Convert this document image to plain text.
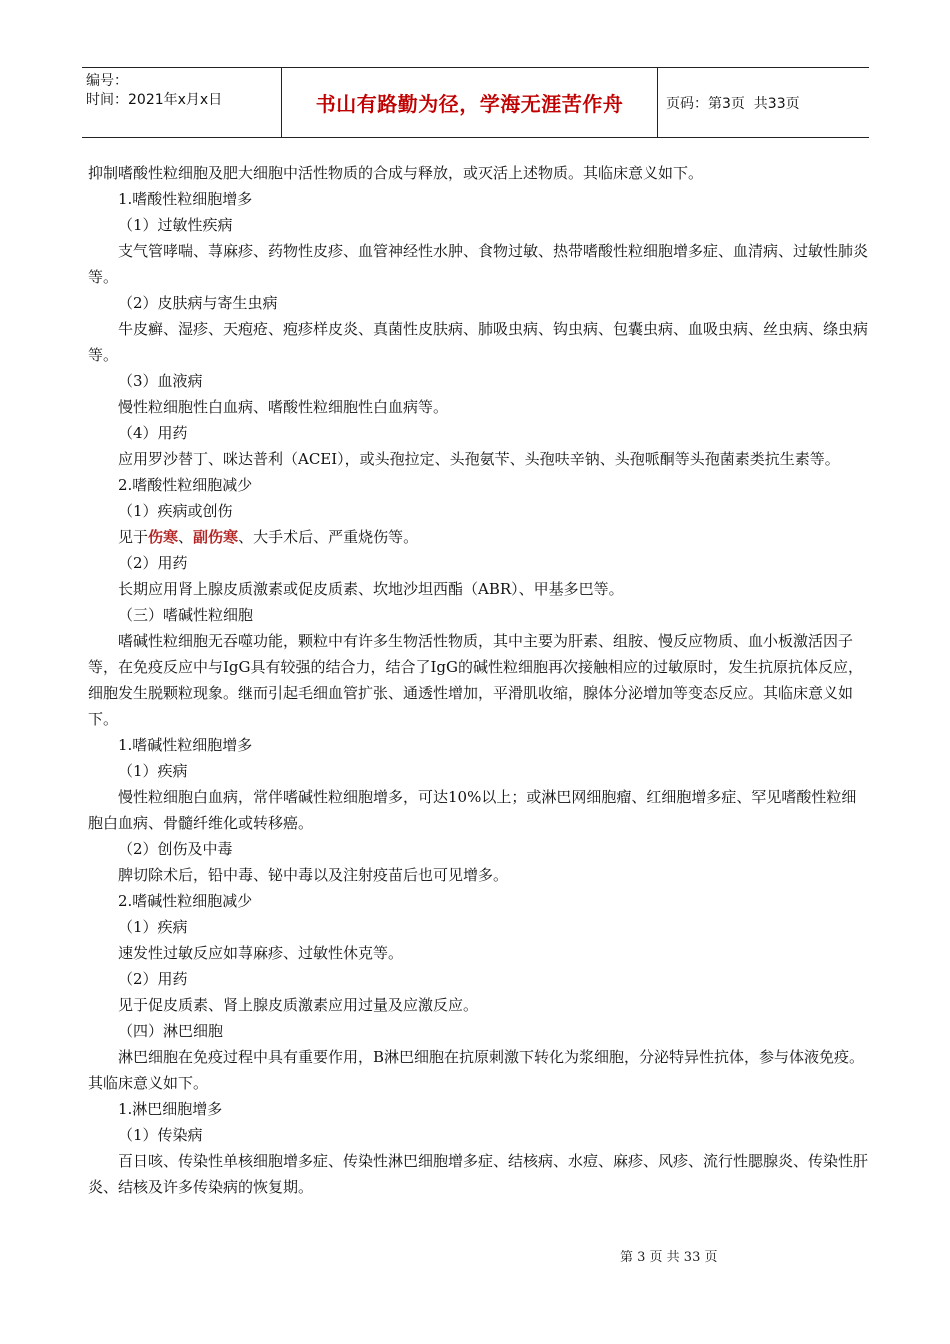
编号：
时间：2021年x月x日	书山有路勤为径，学海无涯苦作舟	页码：第3页  共33页

抑制嗜酸性粒细胞及肥大细胞中活性物质的合成与释放，或灭活上述物质。其临床意义如下。

1.嗜酸性粒细胞增多

（1）过敏性疾病

支气管哮喘、荨麻疹、药物性皮疹、血管神经性水肿、食物过敏、热带嗜酸性粒细胞增多症、血清病、过敏性肺炎等。

（2）皮肤病与寄生虫病

牛皮癣、湿疹、天疱疮、疱疹样皮炎、真菌性皮肤病、肺吸虫病、钩虫病、包囊虫病、血吸虫病、丝虫病、绦虫病等。

（3）血液病

慢性粒细胞性白血病、嗜酸性粒细胞性白血病等。

（4）用药

应用罗沙替丁、咪达普利（ACEI），或头孢拉定、头孢氨苄、头孢呋辛钠、头孢哌酮等头孢菌素类抗生素等。

2.嗜酸性粒细胞减少

（1）疾病或创伤

见于伤寒、副伤寒、大手术后、严重烧伤等。

（2）用药

长期应用肾上腺皮质激素或促皮质素、坎地沙坦西酯（ABR）、甲基多巴等。

（三）嗜碱性粒细胞

嗜碱性粒细胞无吞噬功能，颗粒中有许多生物活性物质，其中主要为肝素、组胺、慢反应物质、血小板激活因子等，在免疫反应中与IgG具有较强的结合力，结合了IgG的碱性粒细胞再次接触相应的过敏原时，发生抗原抗体反应，细胞发生脱颗粒现象。继而引起毛细血管扩张、通透性增加，平滑肌收缩，腺体分泌增加等变态反应。其临床意义如下。

1.嗜碱性粒细胞增多

（1）疾病

慢性粒细胞白血病，常伴嗜碱性粒细胞增多，可达10%以上；或淋巴网细胞瘤、红细胞增多症、罕见嗜酸性粒细胞白血病、骨髓纤维化或转移癌。

（2）创伤及中毒

脾切除术后，铅中毒、铋中毒以及注射疫苗后也可见增多。

2.嗜碱性粒细胞减少

（1）疾病

速发性过敏反应如荨麻疹、过敏性休克等。

（2）用药

见于促皮质素、肾上腺皮质激素应用过量及应激反应。

（四）淋巴细胞

淋巴细胞在免疫过程中具有重要作用，B淋巴细胞在抗原刺激下转化为浆细胞，分泌特异性抗体，参与体液免疫。其临床意义如下。

1.淋巴细胞增多

（1）传染病

百日咳、传染性单核细胞增多症、传染性淋巴细胞增多症、结核病、水痘、麻疹、风疹、流行性腮腺炎、传染性肝炎、结核及许多传染病的恢复期。

第 3 页 共 33 页
